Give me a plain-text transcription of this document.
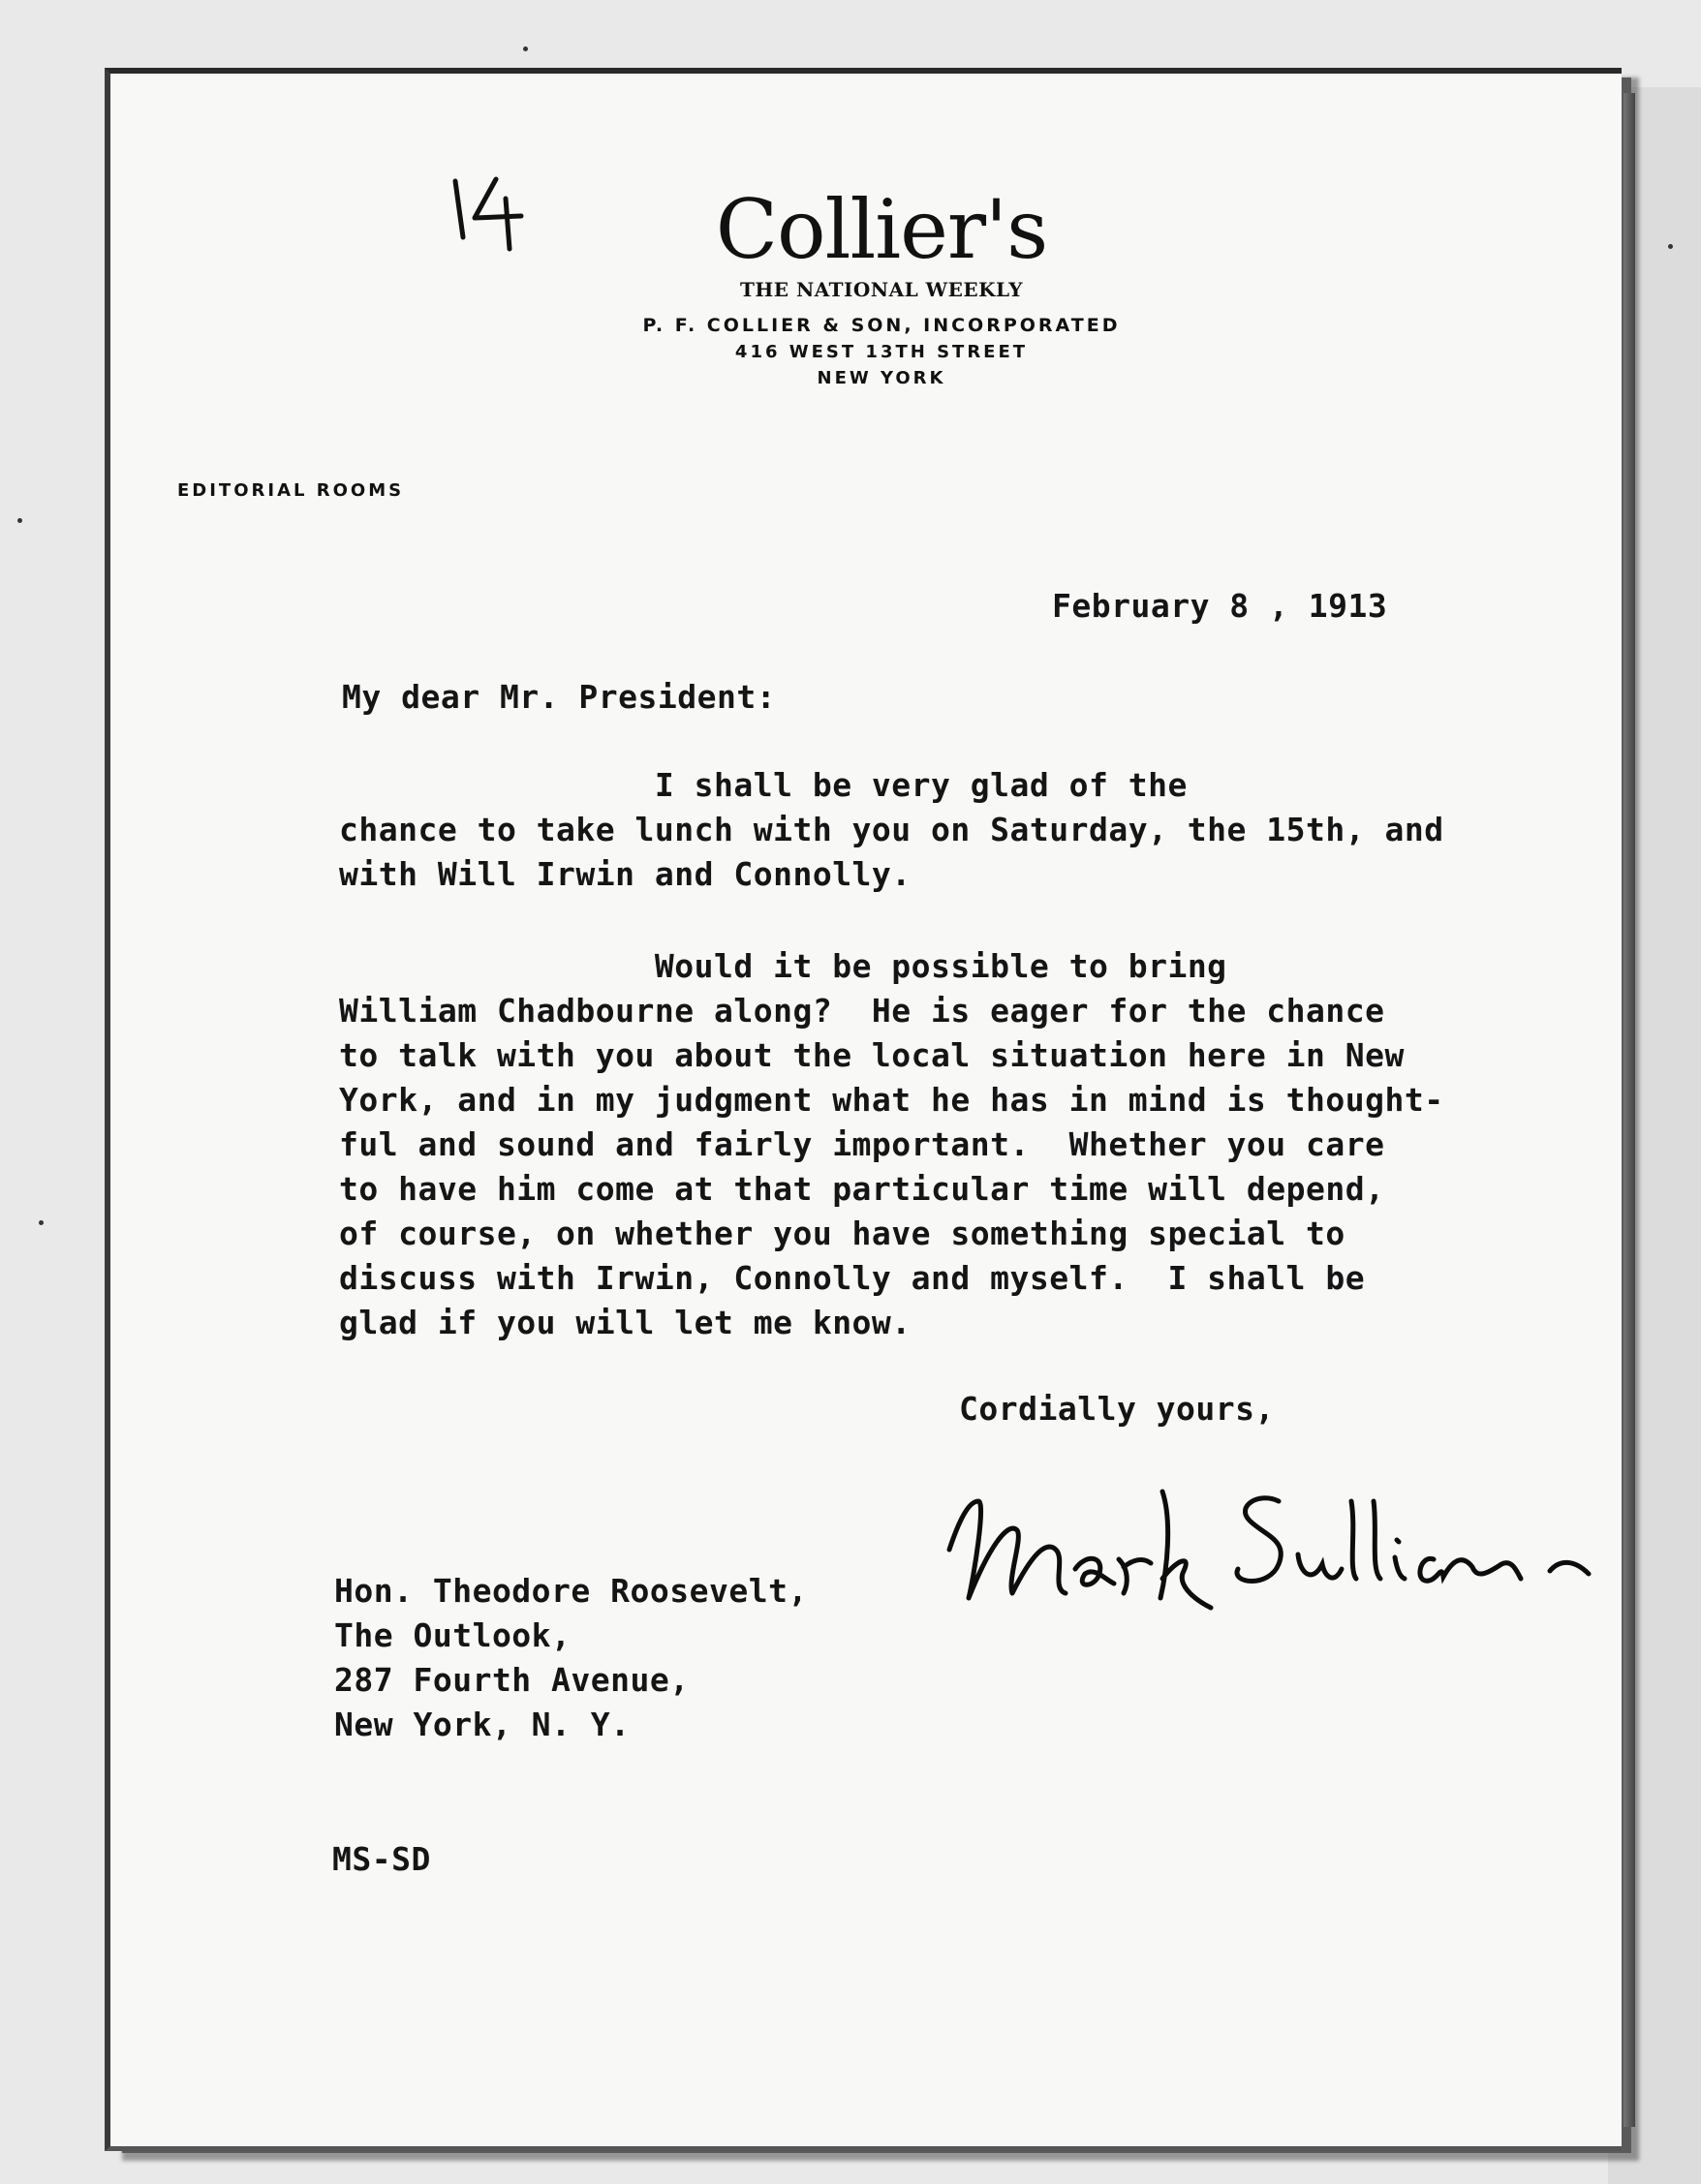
Collier's
THE NATIONAL WEEKLY
P. F. COLLIER & SON, INCORPORATED
416 WEST 13TH STREET
NEW YORK
EDITORIAL ROOMS
February 8 , 1913
My dear Mr. President:

I shall be very glad of the
chance to take lunch with you on Saturday, the 15th, and
with Will Irwin and Connolly.

Would it be possible to bring
William Chadbourne along?  He is eager for the chance
to talk with you about the local situation here in New
York, and in my judgment what he has in mind is thought-
ful and sound and fairly important.  Whether you care
to have him come at that particular time will depend,
of course, on whether you have something special to
discuss with Irwin, Connolly and myself.  I shall be
glad if you will let me know.

Cordially yours,
Hon. Theodore Roosevelt,
The Outlook,
287 Fourth Avenue,
New York, N. Y.
MS-SD
